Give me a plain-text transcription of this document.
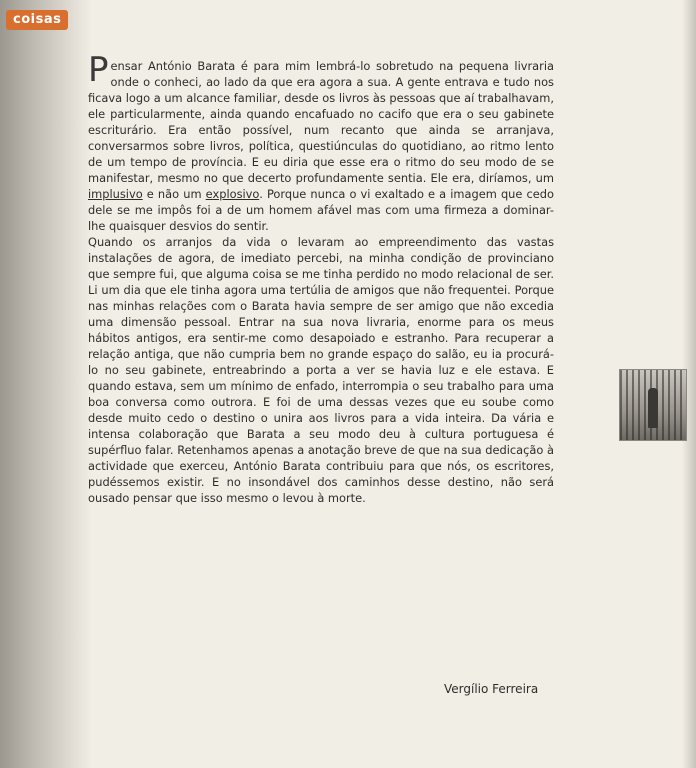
coisas

Pensar António Barata é para mim lembrá-lo sobretudo na pequena livraria onde o conheci, ao lado da que era agora a sua. A gente entrava e tudo nos ficava logo a um alcance familiar, desde os livros às pessoas que aí trabalhavam, ele particularmente, ainda quando encafuado no cacifo que era o seu gabinete escriturário. Era então possível, num recanto que ainda se arranjava, conversarmos sobre livros, política, questiúnculas do quotidiano, ao ritmo lento de um tempo de província. E eu diria que esse era o ritmo do seu modo de se manifestar, mesmo no que decerto profundamente sentia. Ele era, diríamos, um implusivo e não um explosivo. Porque nunca o vi exaltado e a imagem que cedo dele se me impôs foi a de um homem afável mas com uma firmeza a dominar-lhe quaisquer desvios do sentir.

Quando os arranjos da vida o levaram ao empreendimento das vastas instalações de agora, de imediato percebi, na minha condição de provinciano que sempre fui, que alguma coisa se me tinha perdido no modo relacional de ser. Li um dia que ele tinha agora uma tertúlia de amigos que não frequentei. Porque nas minhas relações com o Barata havia sempre de ser amigo que não excedia uma dimensão pessoal. Entrar na sua nova livraria, enorme para os meus hábitos antigos, era sentir-me como desapoiado e estranho. Para recuperar a relação antiga, que não cumpria bem no grande espaço do salão, eu ia procurá-lo no seu gabinete, entreabrindo a porta a ver se havia luz e ele estava. E quando estava, sem um mínimo de enfado, interrompia o seu trabalho para uma boa conversa como outrora. E foi de uma dessas vezes que eu soube como desde muito cedo o destino o unira aos livros para a vida inteira. Da vária e intensa colaboração que Barata a seu modo deu à cultura portuguesa é supérfluo falar. Retenhamos apenas a anotação breve de que na sua dedicação à actividade que exerceu, António Barata contribuiu para que nós, os escritores, pudéssemos existir. E no insondável dos caminhos desse destino, não será ousado pensar que isso mesmo o levou à morte.

Vergílio Ferreira
